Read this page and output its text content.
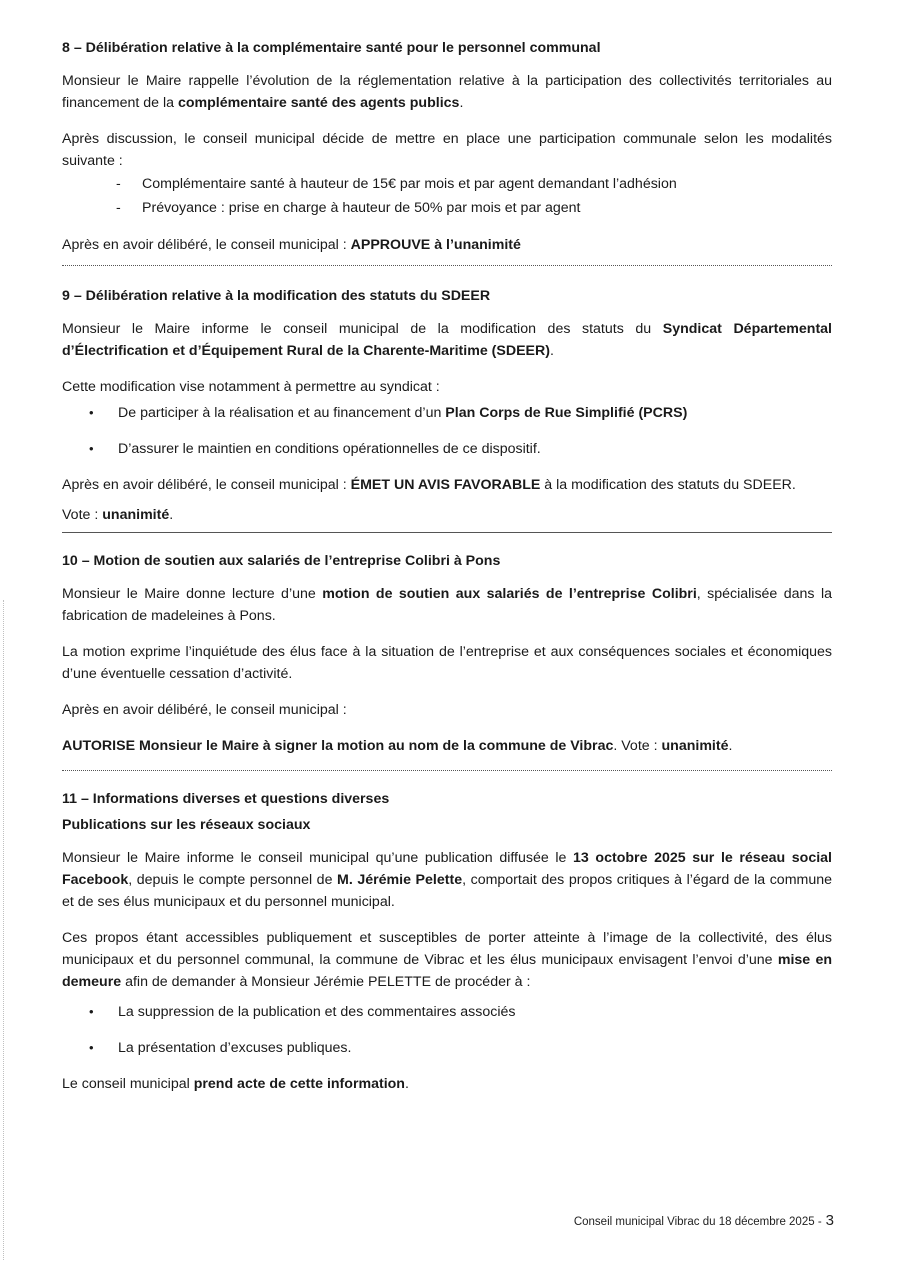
8 – Délibération relative à la complémentaire santé pour le personnel communal

Monsieur le Maire rappelle l’évolution de la réglementation relative à la participation des collectivités territoriales au financement de la complémentaire santé des agents publics.

Après discussion, le conseil municipal décide de mettre en place une participation communale selon les modalités suivante :

- Complémentaire santé à hauteur de 15€ par mois et par agent demandant l’adhésion
- Prévoyance : prise en charge à hauteur de 50% par mois et par agent

Après en avoir délibéré, le conseil municipal : APPROUVE à l’unanimité

9 – Délibération relative à la modification des statuts du SDEER

Monsieur le Maire informe le conseil municipal de la modification des statuts du Syndicat Départemental d’Électrification et d’Équipement Rural de la Charente-Maritime (SDEER).

Cette modification vise notamment à permettre au syndicat :

• De participer à la réalisation et au financement d’un Plan Corps de Rue Simplifié (PCRS)
• D’assurer le maintien en conditions opérationnelles de ce dispositif.

Après en avoir délibéré, le conseil municipal : ÉMET UN AVIS FAVORABLE à la modification des statuts du SDEER.

Vote : unanimité.

10 – Motion de soutien aux salariés de l’entreprise Colibri à Pons

Monsieur le Maire donne lecture d’une motion de soutien aux salariés de l’entreprise Colibri, spécialisée dans la fabrication de madeleines à Pons.

La motion exprime l’inquiétude des élus face à la situation de l’entreprise et aux conséquences sociales et économiques d’une éventuelle cessation d’activité.

Après en avoir délibéré, le conseil municipal :

AUTORISE Monsieur le Maire à signer la motion au nom de la commune de Vibrac. Vote : unanimité.

11 – Informations diverses et questions diverses

Publications sur les réseaux sociaux

Monsieur le Maire informe le conseil municipal qu’une publication diffusée le 13 octobre 2025 sur le réseau social Facebook, depuis le compte personnel de M. Jérémie Pelette, comportait des propos critiques à l’égard de la commune et de ses élus municipaux et du personnel municipal.

Ces propos étant accessibles publiquement et susceptibles de porter atteinte à l’image de la collectivité, des élus municipaux et du personnel communal, la commune de Vibrac et les élus municipaux envisagent l’envoi d’une mise en demeure afin de demander à Monsieur Jérémie PELETTE de procéder à :

• La suppression de la publication et des commentaires associés
• La présentation d’excuses publiques.

Le conseil municipal prend acte de cette information.

Conseil municipal Vibrac du 18 décembre 2025 - 3
